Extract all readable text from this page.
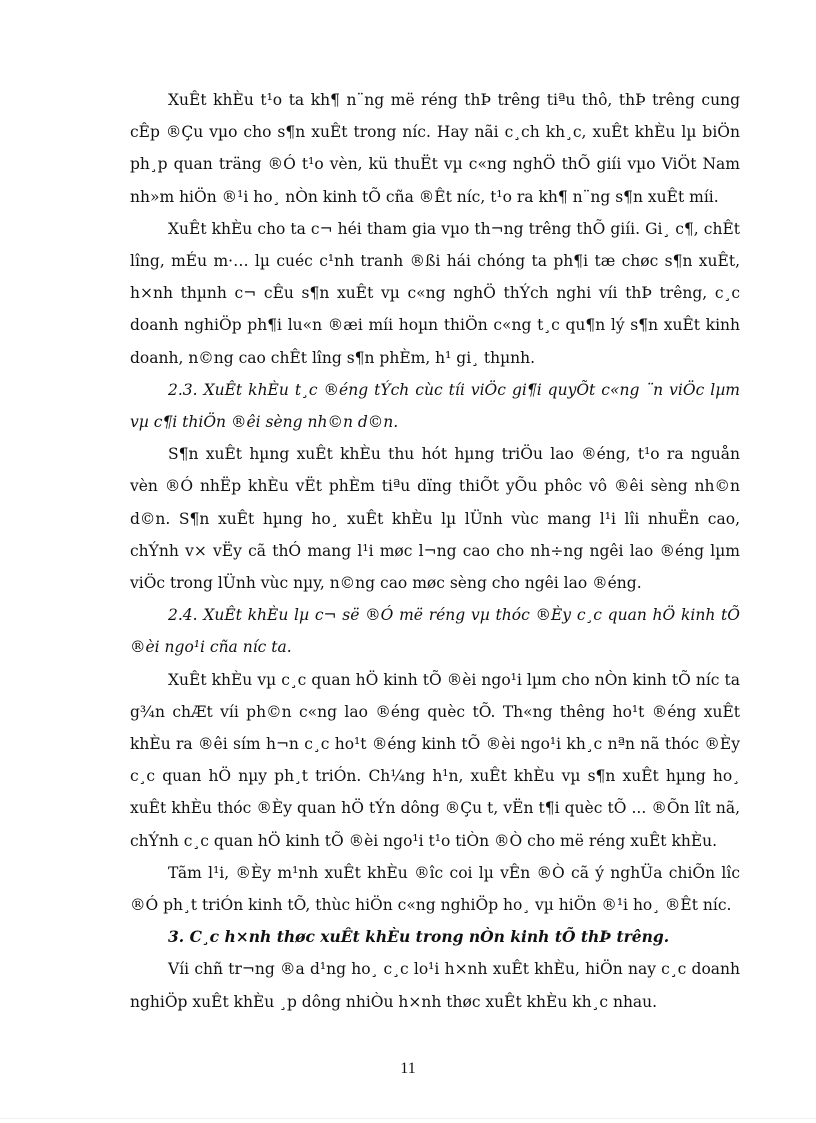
XuÊt khÈu t¹o ta kh¶ n¨ng më réng thÞ trêng tiªu thô, thÞ trêng cung cÊp ®Çu vµo cho s¶n xuÊt trong níc. Hay nãi c¸ch kh¸c, xuÊt khÈu lµ biÖn ph¸p quan träng ®Ó t¹o vèn, kü thuËt vµ c«ng nghÖ thÕ giíi vµo ViÖt Nam nh»m hiÖn ®¹i ho¸ nÒn kinh tÕ cña ®Êt níc, t¹o ra kh¶ n¨ng s¶n xuÊt míi.

XuÊt khÈu cho ta c¬ héi tham gia vµo th¬ng trêng thÕ giíi. Gi¸ c¶, chÊt lîng, mÉu m·… lµ cuéc c¹nh tranh ®ßi hái chóng ta ph¶i tæ chøc s¶n xuÊt, h×nh thµnh c¬ cÊu s¶n xuÊt vµ c«ng nghÖ thÝch nghi víi thÞ trêng, c¸c doanh nghiÖp ph¶i lu«n ®æi míi hoµn thiÖn c«ng t¸c qu¶n lý s¶n xuÊt kinh doanh, n©ng cao chÊt lîng s¶n phÈm, h¹ gi¸ thµnh.

2.3. XuÊt khÈu t¸c ®éng tÝch cùc tíi viÖc gi¶i quyÕt c«ng ¨n viÖc lµm vµ c¶i thiÖn ®êi sèng nh©n d©n.

S¶n xuÊt hµng xuÊt khÈu thu hót hµng triÖu lao ®éng, t¹o ra nguån vèn ®Ó nhËp khÈu vËt phÈm tiªu dïng thiÕt yÕu phôc vô ®êi sèng nh©n d©n. S¶n xuÊt hµng ho¸ xuÊt khÈu lµ lÜnh vùc mang l¹i lîi nhuËn cao, chÝnh v× vËy cã thÓ mang l¹i møc l¬ng cao cho nh÷ng ngêi lao ®éng lµm viÖc trong lÜnh vùc nµy, n©ng cao møc sèng cho ngêi lao ®éng.

2.4. XuÊt khÈu lµ c¬ së ®Ó më réng vµ thóc ®Èy c¸c quan hÖ kinh tÕ ®èi ngo¹i cña níc ta.

XuÊt khÈu vµ c¸c quan hÖ kinh tÕ ®èi ngo¹i lµm cho nÒn kinh tÕ níc ta g¾n chÆt víi ph©n c«ng lao ®éng quèc tÕ. Th«ng thêng ho¹t ®éng xuÊt khÈu ra ®êi sím h¬n c¸c ho¹t ®éng kinh tÕ ®èi ngo¹i kh¸c nªn nã thóc ®Èy c¸c quan hÖ nµy ph¸t triÓn. Ch¼ng h¹n, xuÊt khÈu vµ s¶n xuÊt hµng ho¸ xuÊt khÈu thóc ®Èy quan hÖ tÝn dông ®Çu t, vËn t¶i quèc tÕ ... ®Õn lît nã, chÝnh c¸c quan hÖ kinh tÕ ®èi ngo¹i t¹o tiÒn ®Ò cho më réng xuÊt khÈu.

Tãm l¹i, ®Èy m¹nh xuÊt khÈu ®îc coi lµ vÊn ®Ò cã ý nghÜa chiÕn lîc ®Ó ph¸t triÓn kinh tÕ, thùc hiÖn c«ng nghiÖp ho¸ vµ hiÖn ®¹i ho¸ ®Êt níc.

3. C¸c h×nh thøc xuÊt khÈu trong nÒn kinh tÕ thÞ trêng.

Víi chñ tr¬ng ®a d¹ng ho¸ c¸c lo¹i h×nh xuÊt khÈu, hiÖn nay c¸c doanh nghiÖp xuÊt khÈu ¸p dông nhiÒu h×nh thøc xuÊt khÈu kh¸c nhau.

11
